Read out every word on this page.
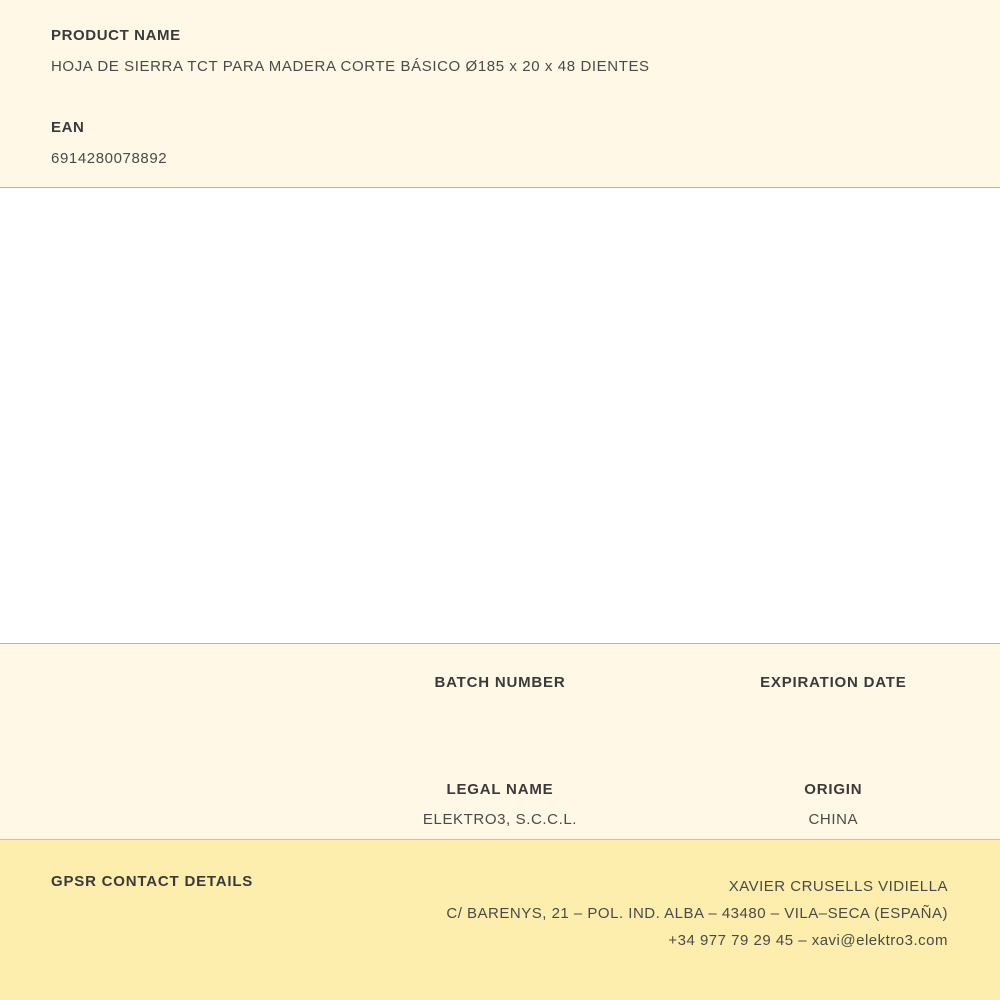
PRODUCT NAME
HOJA DE SIERRA TCT PARA MADERA CORTE BÁSICO Ø185 x 20 x 48 DIENTES
EAN
6914280078892
BATCH NUMBER	EXPIRATION DATE
LEGAL NAME
ELEKTRO3, S.C.C.L.
ORIGIN
CHINA
GPSR CONTACT DETAILS	XAVIER CRUSELLS VIDIELLA
C/ BARENYS, 21 – POL. IND. ALBA – 43480 – VILA–SECA (ESPAÑA)
+34 977 79 29 45 – xavi@elektro3.com
